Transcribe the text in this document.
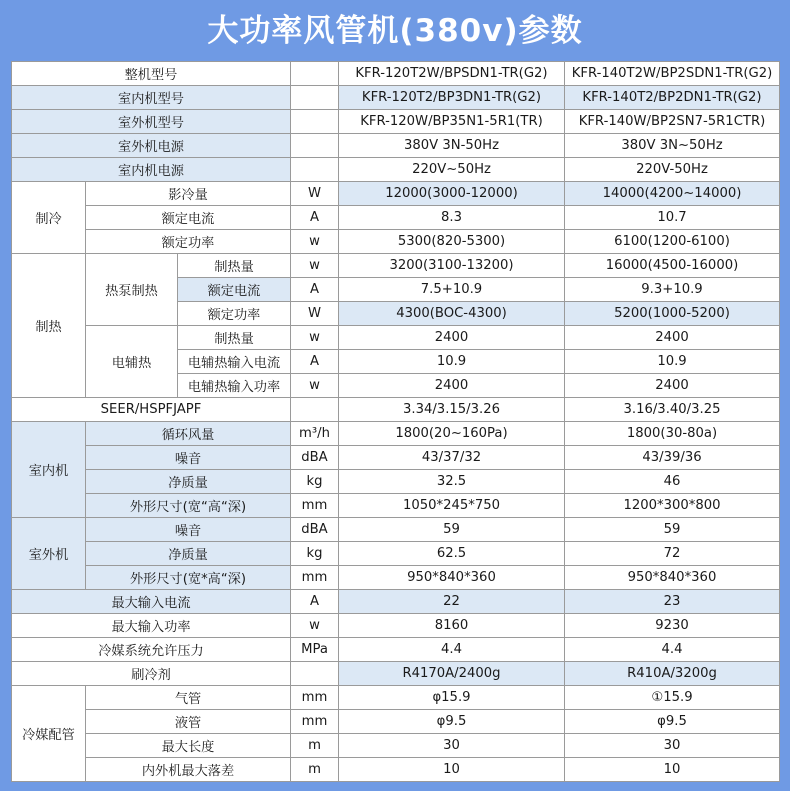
大功率风管机(380v)参数
整机型号				KFR-120T2W/BPSDN1-TR(G2)	KFR-140T2W/BP2SDN1-TR(G2)
室内机型号				KFR-120T2/BP3DN1-TR(G2)	KFR-140T2/BP2DN1-TR(G2)
室外机型号				KFR-120W/BP35N1-5R1(TR)	KFR-140W/BP2SN7-5R1CTR)
室外机电源				380V 3N-50Hz	380V 3N~50Hz
室内机电源				220V~50Hz	220V-50Hz
制冷	影冷量		W	12000(3000-12000)	14000(4200~14000)
	额定电流		A	8.3	10.7
	额定功率		w	5300(820-5300)	6100(1200-6100)
制热	热泵制热	制热量	w	3200(3100-13200)	16000(4500-16000)
		额定电流	A	7.5+10.9	9.3+10.9
		额定功率	W	4300(BOC-4300)	5200(1000-5200)
	电辅热	制热量	w	2400	2400
		电辅热输入电流	A	10.9	10.9
		电辅热输入功率	w	2400	2400
SEER/HSPFJAPF				3.34/3.15/3.26	3.16/3.40/3.25
室内机	循环风量		m³/h	1800(20~160Pa)	1800(30-80a)
	噪音		dBA	43/37/32	43/39/36
	净质量		kg	32.5	46
	外形尺寸(宽“高“深)		mm	1050*245*750	1200*300*800
室外机	噪音		dBA	59	59
	净质量		kg	62.5	72
	外形尺寸(宽*高“深)		mm	950*840*360	950*840*360
最大输入电流			A	22	23
最大输入功率			w	8160	9230
冷媒系统允许压力			MPa	4.4	4.4
刷冷剂				R4170A/2400g	R410A/3200g
冷媒配管	气管		mm	φ15.9	①15.9
	液管		mm	φ9.5	φ9.5
	最大长度		m	30	30
	内外机最大落差		m	10	10
